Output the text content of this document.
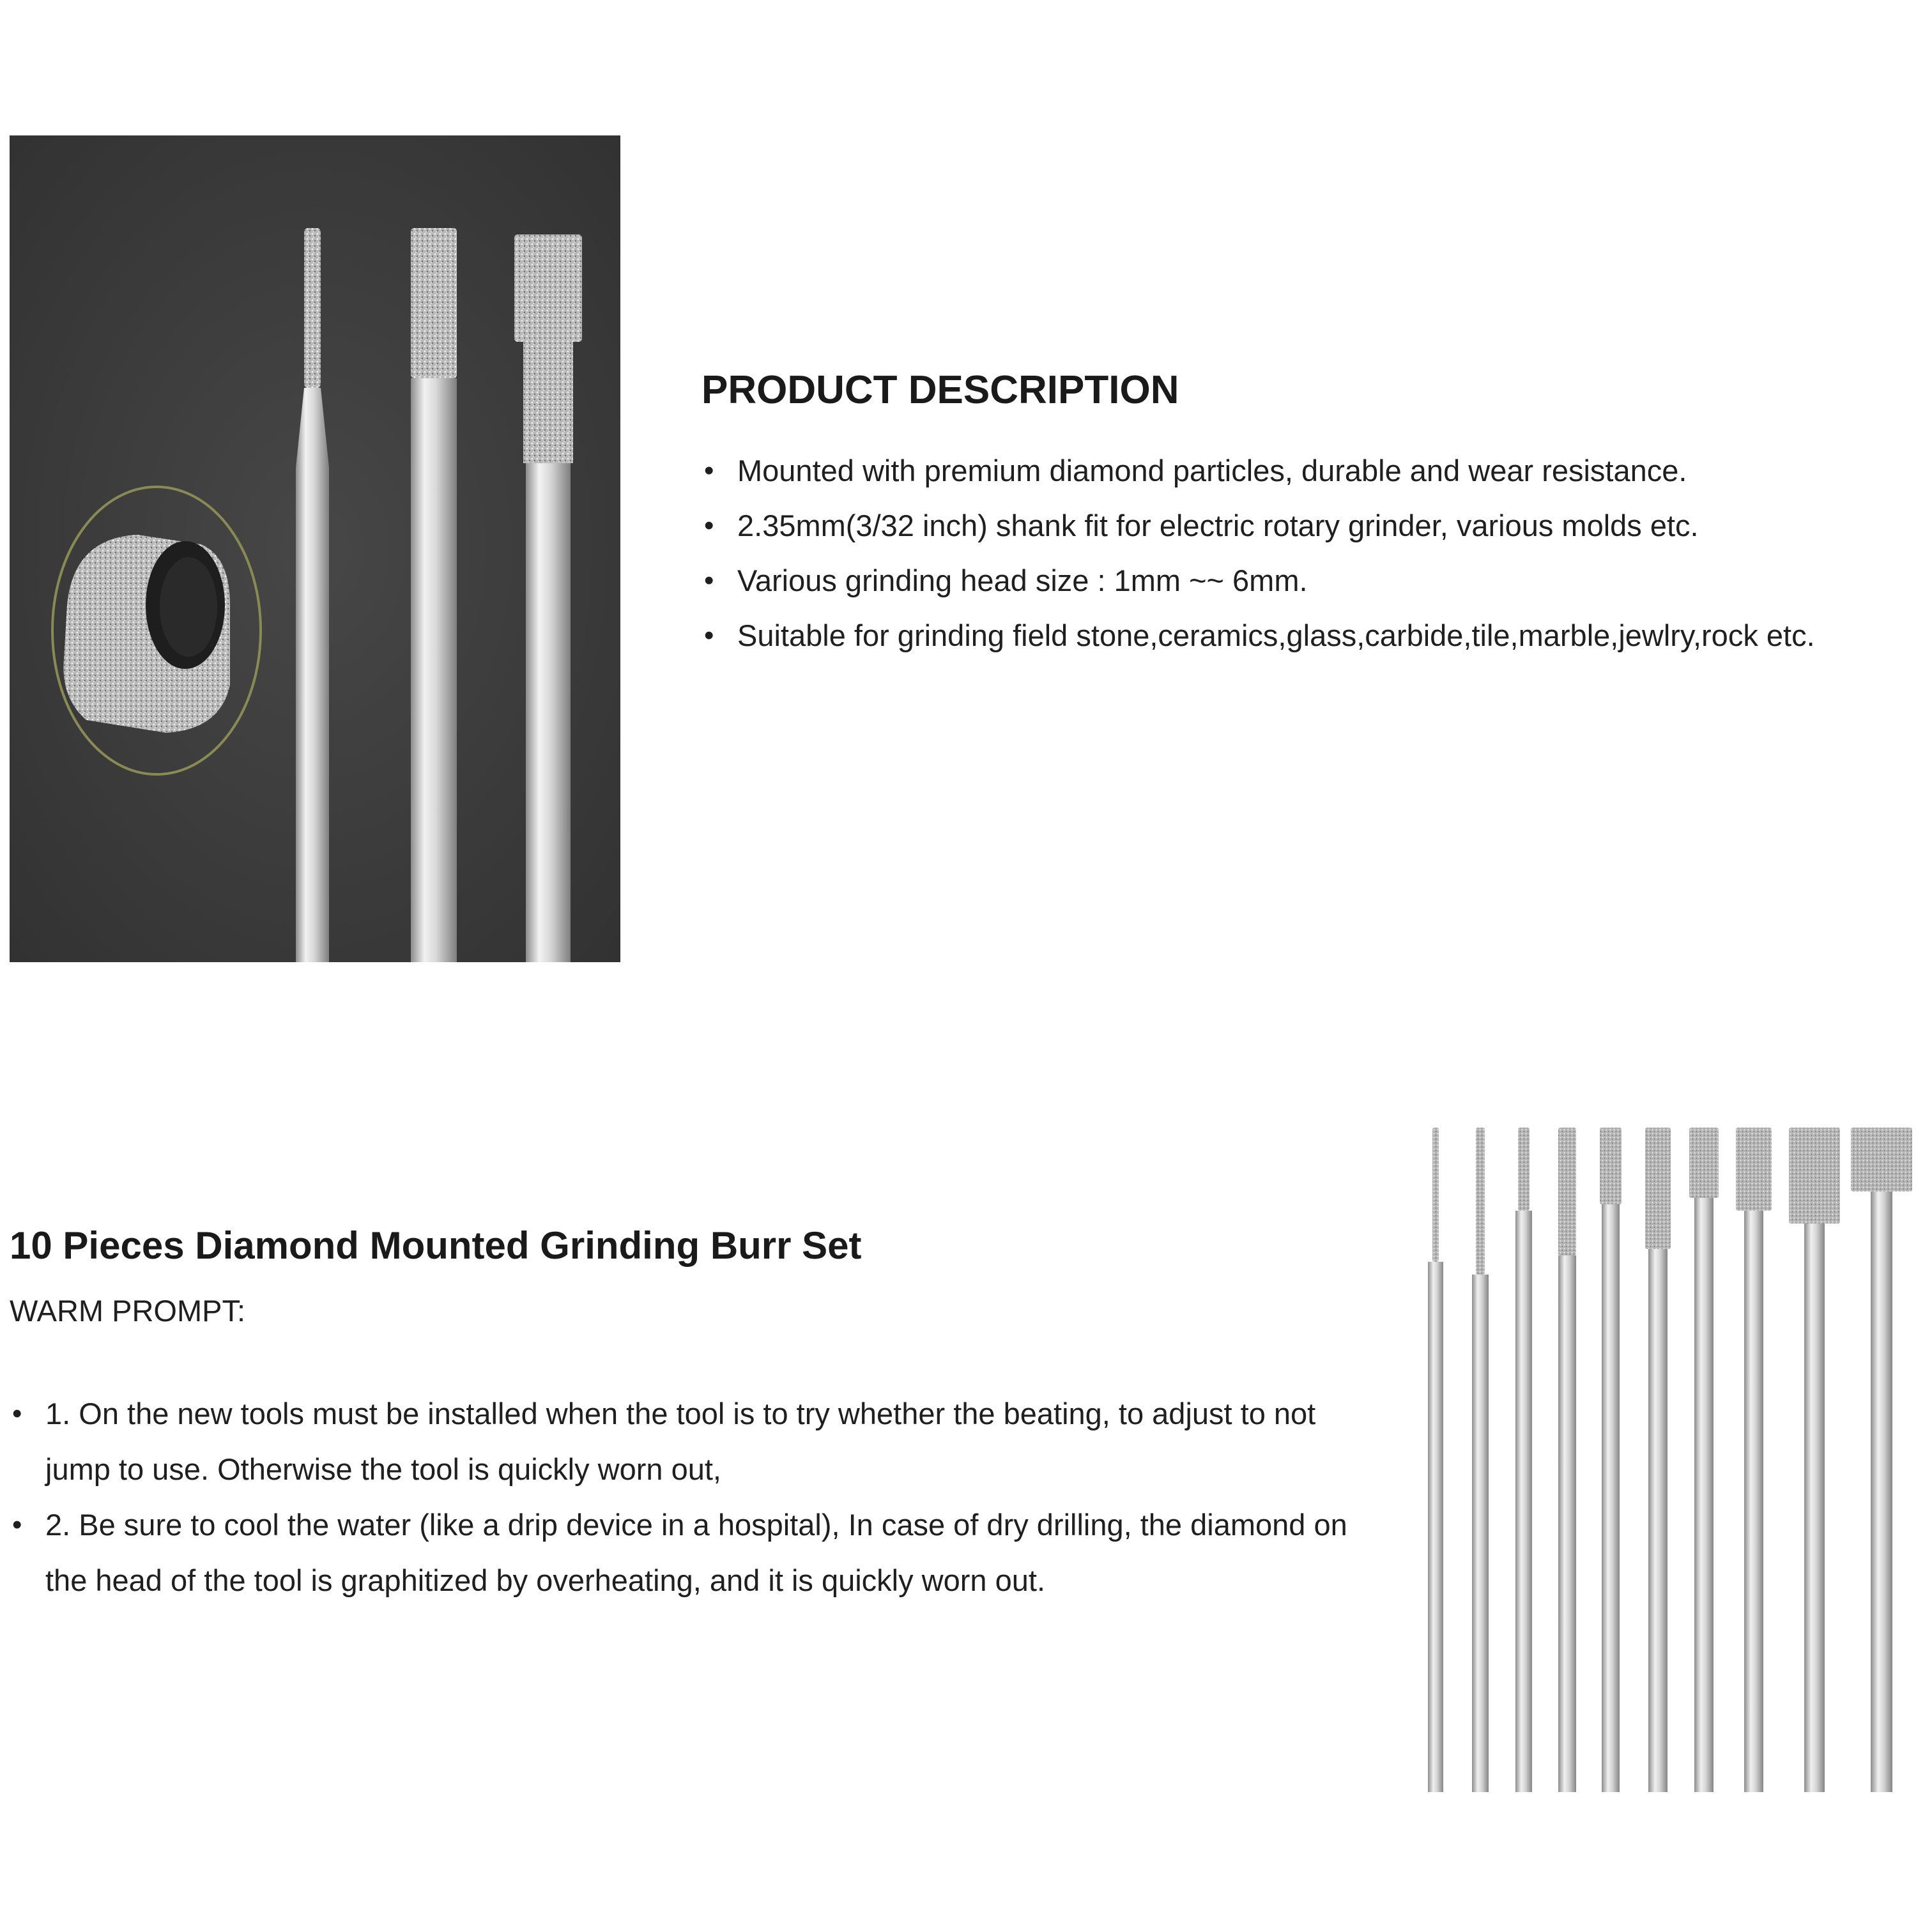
PRODUCT DESCRIPTION
• Mounted with premium diamond particles, durable and wear resistance.
• 2.35mm(3/32 inch) shank fit for electric rotary grinder, various molds etc.
• Various grinding head size : 1mm ~~ 6mm.
• Suitable for grinding field stone,ceramics,glass,carbide,tile,marble,jewlry,rock etc.
10 Pieces Diamond Mounted Grinding Burr Set
WARM PROMPT:
• 1. On the new tools must be installed when the tool is to try whether the beating, to adjust to not
jump to use. Otherwise the tool is quickly worn out,
• 2. Be sure to cool the water (like a drip device in a hospital), In case of dry drilling, the diamond on
the head of the tool is graphitized by overheating, and it is quickly worn out.
